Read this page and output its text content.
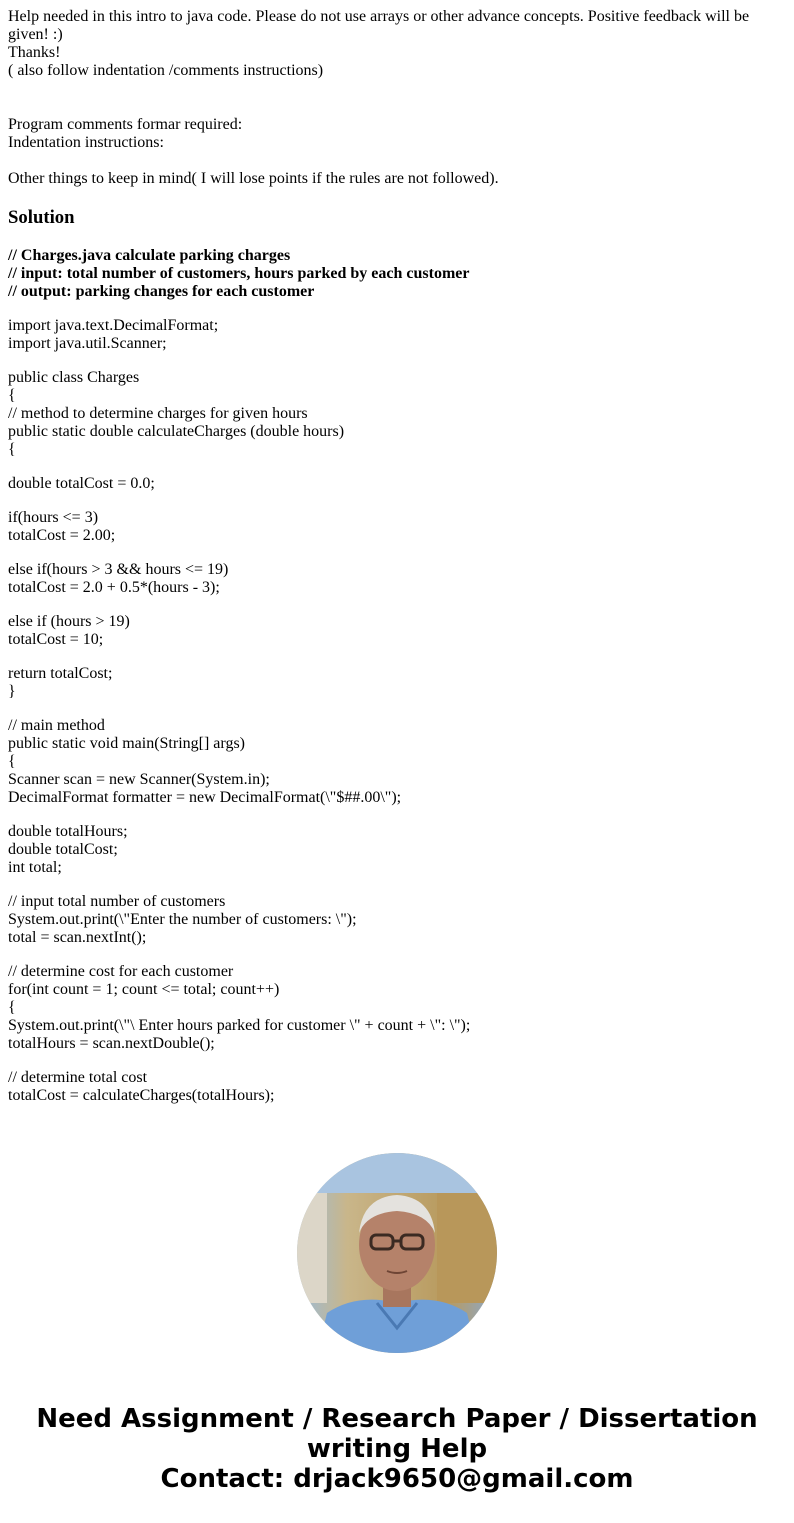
Help needed in this intro to java code. Please do not use arrays or other advance concepts. Positive feedback will be given! :)
Thanks!
( also follow indentation /comments instructions)
Program comments formar required:
Indentation instructions:
Other things to keep in mind( I will lose points if the rules are not followed).
Solution
// Charges.java calculate parking charges
// input: total number of customers, hours parked by each customer
// output: parking changes for each customer
import java.text.DecimalFormat;
import java.util.Scanner;
public class Charges
{
// method to determine charges for given hours
public static double calculateCharges (double hours)
{
double totalCost = 0.0;
if(hours <= 3)
totalCost = 2.00;
else if(hours > 3 && hours <= 19)
totalCost = 2.0 + 0.5*(hours - 3);
else if (hours > 19)
totalCost = 10;
return totalCost;
}
// main method
public static void main(String[] args)
{
Scanner scan = new Scanner(System.in);
DecimalFormat formatter = new DecimalFormat(\"$##.00\");
double totalHours;
double totalCost;
int total;
// input total number of customers
System.out.print(\"Enter the number of customers: \");
total = scan.nextInt();
// determine cost for each customer
for(int count = 1; count <= total; count++)
{
System.out.print(\"\ Enter hours parked for customer \" + count + \": \");
totalHours = scan.nextDouble();
// determine total cost
totalCost = calculateCharges(totalHours);
Need Assignment / Research Paper / Dissertation
writing Help
Contact: drjack9650@gmail.com
